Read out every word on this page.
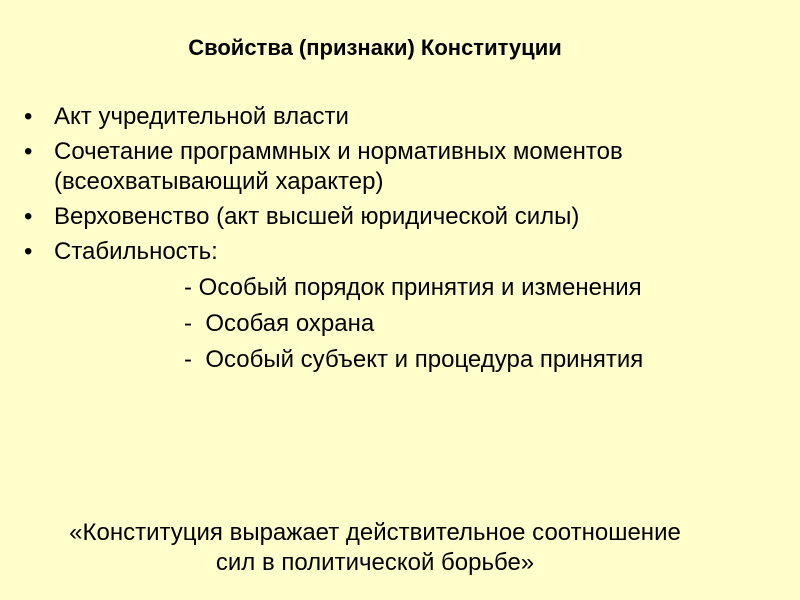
Свойства (признаки) Конституции
• Акт учредительной власти
• Сочетание программных и нормативных моментов (всеохватывающий характер)
• Верховенство (акт высшей юридической силы)
• Стабильность:
- Особый порядок принятия и изменения
-  Особая охрана
-  Особый субъект и процедура принятия
«Конституция выражает действительное соотношение
сил в политической борьбе»
